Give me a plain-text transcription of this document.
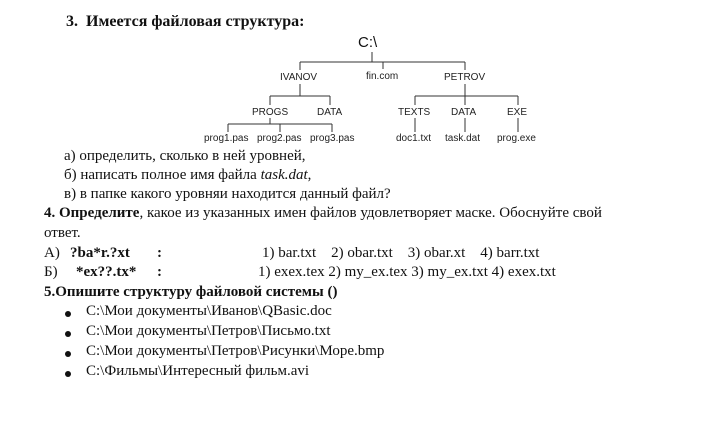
3. Имеется файловая структура:
C:\
IVANOV	fin.com	PETROV
PROGS	DATA	TEXTS DATA	EXE
prog1.pas prog2.pas prog3.pas	doc1.txt task.dat prog.exe
а) определить, сколько в ней уровней,
б) написать полное имя файла task.dat,
в) в папке какого уровняи находится данный файл?
4. Определите, какое из указанных имен файлов удовлетворяет маске. Обоснуйте свой
ответ.
А) ?ba*r.?xt :	1) bar.txt    2) obar.txt    3) obar.xt    4) barr.txt
Б) *ex??.tx* :	1) exex.tex 2) my_ex.tex 3) my_ex.txt 4) exex.txt
5.Опишите структуру файловой системы ()
C:\Мои документы\Иванов\QBasic.doc
C:\Мои документы\Петров\Письмо.txt
C:\Мои документы\Петров\Рисунки\Море.bmp
C:\Фильмы\Интересный фильм.avi
